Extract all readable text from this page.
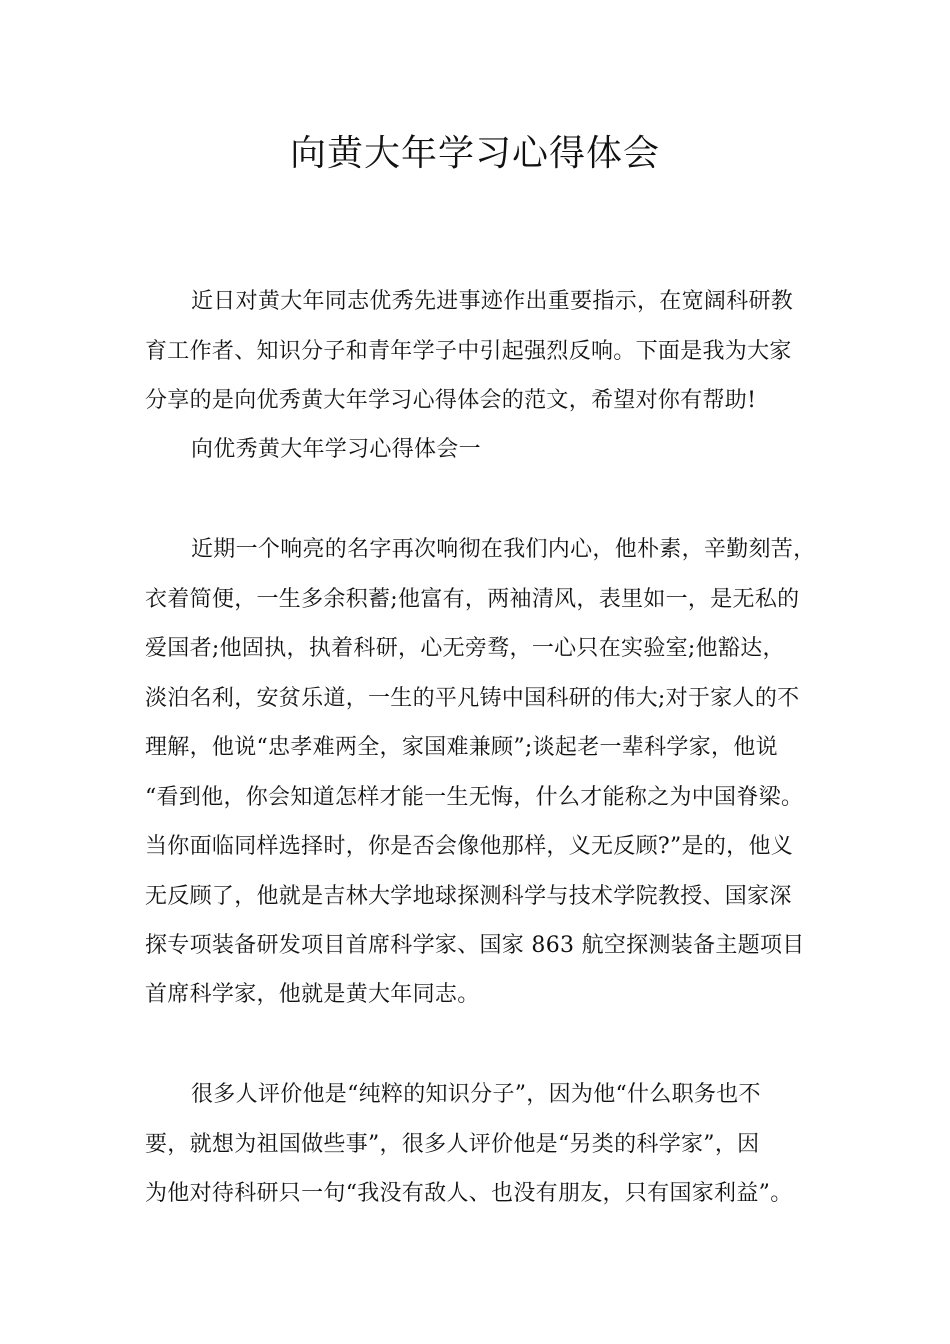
向黄大年学习心得体会
近日对黄大年同志优秀先进事迹作出重要指示，在宽阔科研教
育工作者、知识分子和青年学子中引起强烈反响。下面是我为大家
分享的是向优秀黄大年学习心得体会的范文，希望对你有帮助!
向优秀黄大年学习心得体会一
近期一个响亮的名字再次响彻在我们内心，他朴素，辛勤刻苦，
衣着简便，一生多余积蓄;他富有，两袖清风，表里如一，是无私的
爱国者;他固执，执着科研，心无旁骛，一心只在实验室;他豁达，
淡泊名利，安贫乐道，一生的平凡铸中国科研的伟大;对于家人的不
理解，他说“忠孝难两全，家国难兼顾”;谈起老一辈科学家，他说
“看到他，你会知道怎样才能一生无悔，什么才能称之为中国脊梁。
当你面临同样选择时，你是否会像他那样，义无反顾?”是的，他义
无反顾了，他就是吉林大学地球探测科学与技术学院教授、国家深
探专项装备研发项目首席科学家、国家 863 航空探测装备主题项目
首席科学家，他就是黄大年同志。
很多人评价他是“纯粹的知识分子”，因为他“什么职务也不
要，就想为祖国做些事”，很多人评价他是“另类的科学家”，因
为他对待科研只一句“我没有敌人、也没有朋友，只有国家利益”。
